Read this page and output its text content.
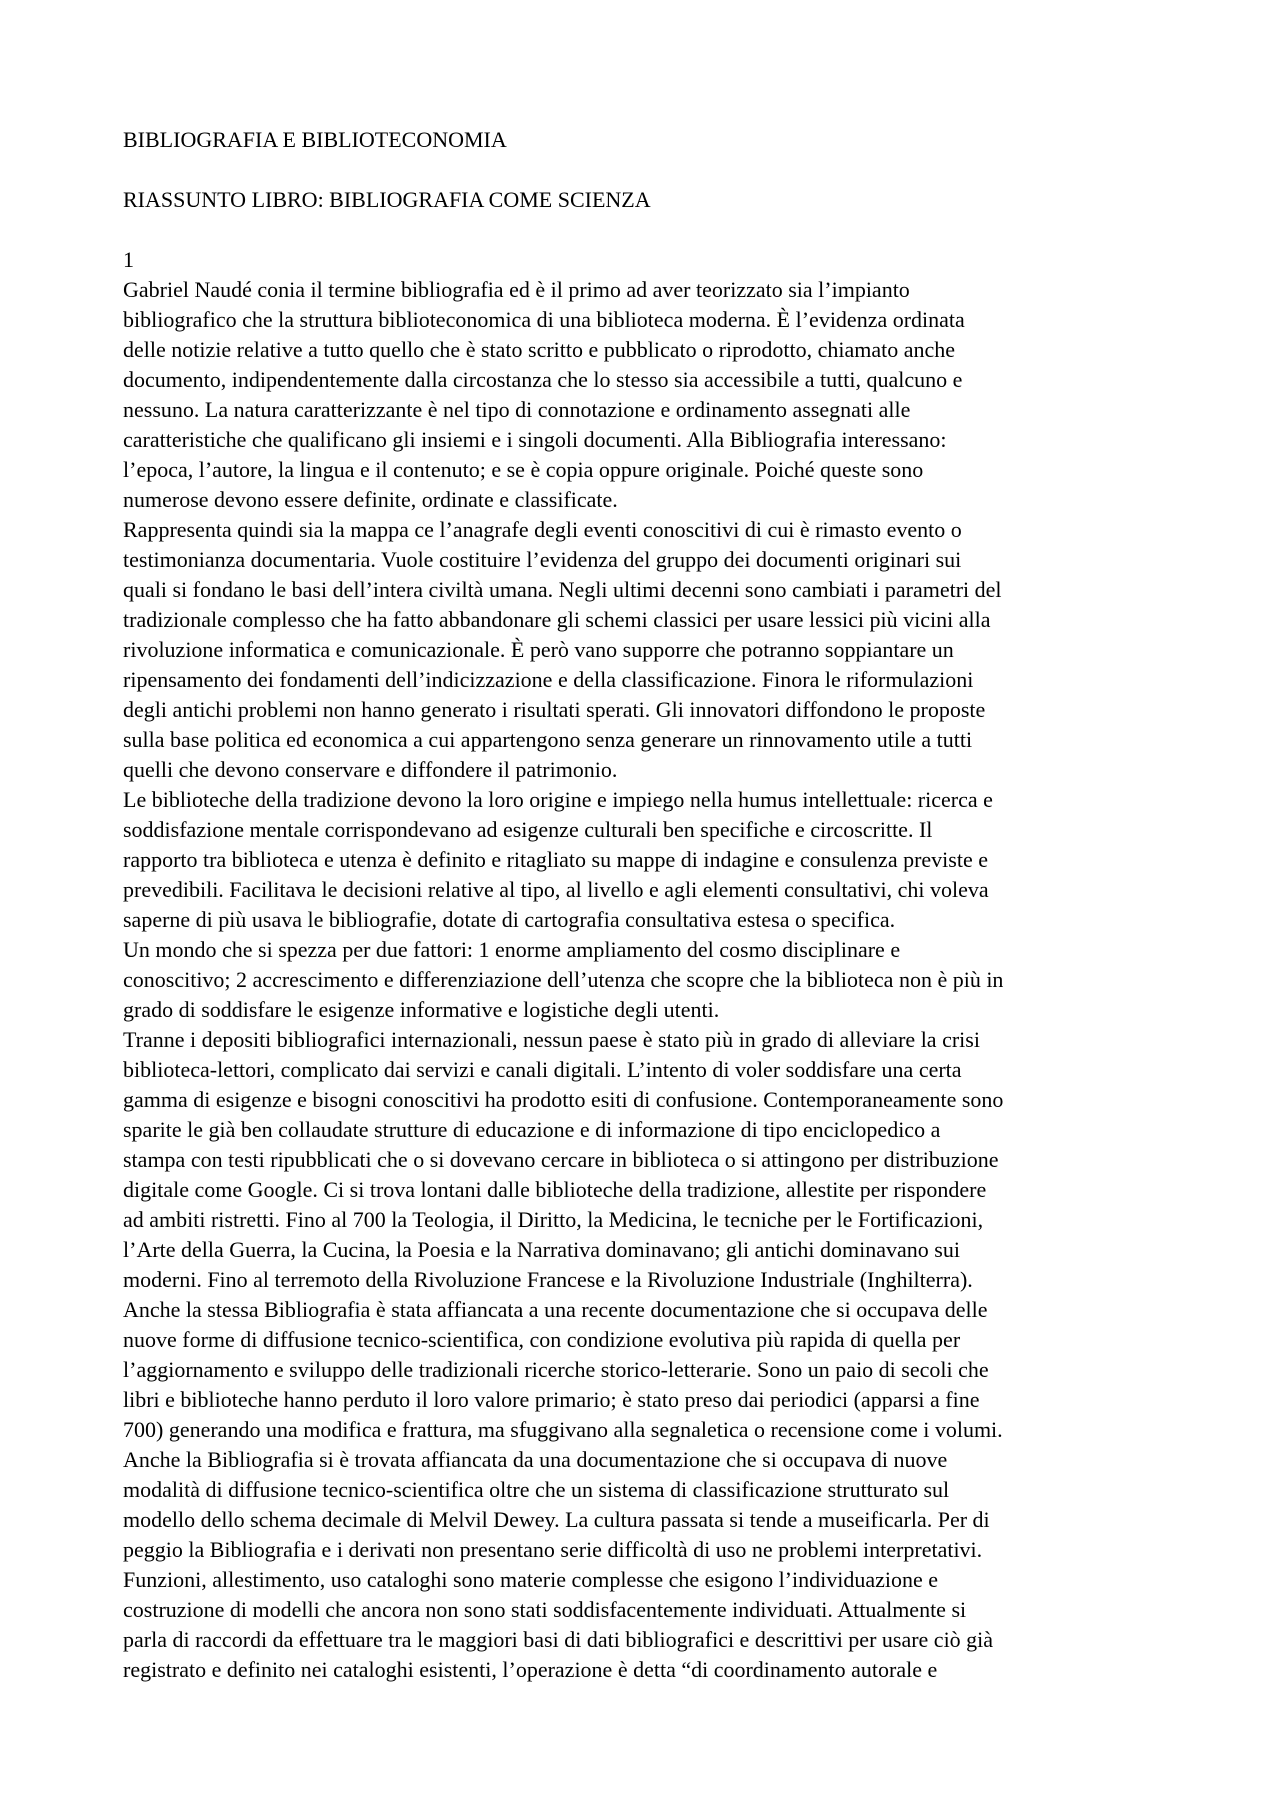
BIBLIOGRAFIA E BIBLIOTECONOMIA

RIASSUNTO LIBRO: BIBLIOGRAFIA COME SCIENZA

1

Gabriel Naudé conia il termine bibliografia ed è il primo ad aver teorizzato sia l’impianto

bibliografico che la struttura biblioteconomica di una biblioteca moderna. È l’evidenza ordinata

delle notizie relative a tutto quello che è stato scritto e pubblicato o riprodotto, chiamato anche

documento, indipendentemente dalla circostanza che lo stesso sia accessibile a tutti, qualcuno e

nessuno. La natura caratterizzante è nel tipo di connotazione e ordinamento assegnati alle

caratteristiche che qualificano gli insiemi e i singoli documenti. Alla Bibliografia interessano:

l’epoca, l’autore, la lingua e il contenuto; e se è copia oppure originale. Poiché queste sono

numerose devono essere definite, ordinate e classificate.

Rappresenta quindi sia la mappa ce l’anagrafe degli eventi conoscitivi di cui è rimasto evento o

testimonianza documentaria. Vuole costituire l’evidenza del gruppo dei documenti originari sui

quali si fondano le basi dell’intera civiltà umana. Negli ultimi decenni sono cambiati i parametri del

tradizionale complesso che ha fatto abbandonare gli schemi classici per usare lessici più vicini alla

rivoluzione informatica e comunicazionale. È però vano supporre che potranno soppiantare un

ripensamento dei fondamenti dell’indicizzazione e della classificazione. Finora le riformulazioni

degli antichi problemi non hanno generato i risultati sperati. Gli innovatori diffondono le proposte

sulla base politica ed economica a cui appartengono senza generare un rinnovamento utile a tutti

quelli che devono conservare e diffondere il patrimonio.

Le biblioteche della tradizione devono la loro origine e impiego nella humus intellettuale: ricerca e

soddisfazione mentale corrispondevano ad esigenze culturali ben specifiche e circoscritte. Il

rapporto tra biblioteca e utenza è definito e ritagliato su mappe di indagine e consulenza previste e

prevedibili. Facilitava le decisioni relative al tipo, al livello e agli elementi consultativi, chi voleva

saperne di più usava le bibliografie, dotate di cartografia consultativa estesa o specifica.

Un mondo che si spezza per due fattori: 1 enorme ampliamento del cosmo disciplinare e

conoscitivo; 2 accrescimento e differenziazione dell’utenza che scopre che la biblioteca non è più in

grado di soddisfare le esigenze informative e logistiche degli utenti.

Tranne i depositi bibliografici internazionali, nessun paese è stato più in grado di alleviare la crisi

biblioteca-lettori, complicato dai servizi e canali digitali. L’intento di voler soddisfare una certa

gamma di esigenze e bisogni conoscitivi ha prodotto esiti di confusione. Contemporaneamente sono

sparite le già ben collaudate strutture di educazione e di informazione di tipo enciclopedico a

stampa con testi ripubblicati che o si dovevano cercare in biblioteca o si attingono per distribuzione

digitale come Google. Ci si trova lontani dalle biblioteche della tradizione, allestite per rispondere

ad ambiti ristretti. Fino al 700 la Teologia, il Diritto, la Medicina, le tecniche per le Fortificazioni,

l’Arte della Guerra, la Cucina, la Poesia e la Narrativa dominavano; gli antichi dominavano sui

moderni. Fino al terremoto della Rivoluzione Francese e la Rivoluzione Industriale (Inghilterra).

Anche la stessa Bibliografia è stata affiancata a una recente documentazione che si occupava delle

nuove forme di diffusione tecnico-scientifica, con condizione evolutiva più rapida di quella per

l’aggiornamento e sviluppo delle tradizionali ricerche storico-letterarie. Sono un paio di secoli che

libri e biblioteche hanno perduto il loro valore primario; è stato preso dai periodici (apparsi a fine

700) generando una modifica e frattura, ma sfuggivano alla segnaletica o recensione come i volumi.

Anche la Bibliografia si è trovata affiancata da una documentazione che si occupava di nuove

modalità di diffusione tecnico-scientifica oltre che un sistema di classificazione strutturato sul

modello dello schema decimale di Melvil Dewey. La cultura passata si tende a museificarla. Per di

peggio la Bibliografia e i derivati non presentano serie difficoltà di uso ne problemi interpretativi.

Funzioni, allestimento, uso cataloghi sono materie complesse che esigono l’individuazione e

costruzione di modelli che ancora non sono stati soddisfacentemente individuati. Attualmente si

parla di raccordi da effettuare tra le maggiori basi di dati bibliografici e descrittivi per usare ciò già

registrato e definito nei cataloghi esistenti, l’operazione è detta “di coordinamento autorale e
